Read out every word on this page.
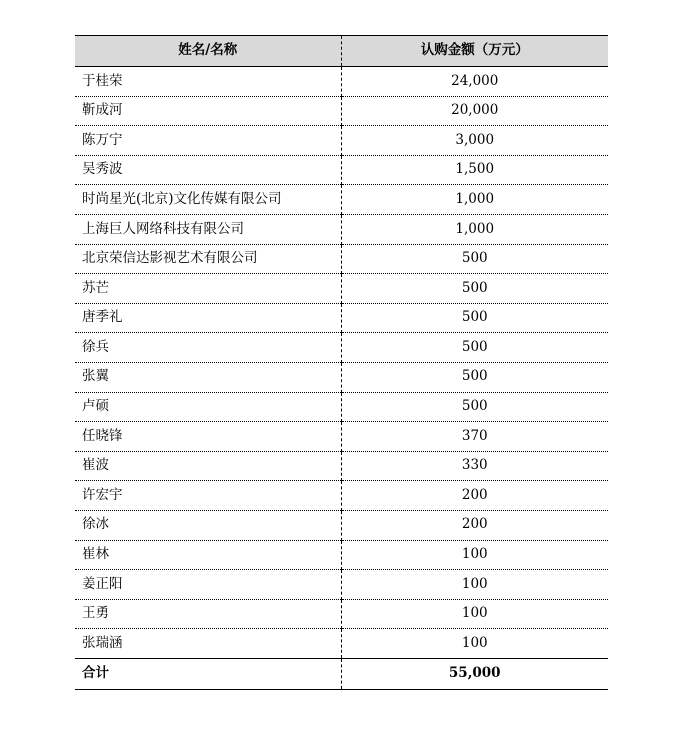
姓名/名称	认购金额（万元）
于桂荣	24,000
靳成河	20,000
陈万宁	3,000
吴秀波	1,500
时尚星光(北京)文化传媒有限公司	1,000
上海巨人网络科技有限公司	1,000
北京荣信达影视艺术有限公司	500
苏芒	500
唐季礼	500
徐兵	500
张翼	500
卢硕	500
任晓锋	370
崔波	330
许宏宇	200
徐冰	200
崔林	100
姜正阳	100
王勇	100
张瑞涵	100
合计	55,000
